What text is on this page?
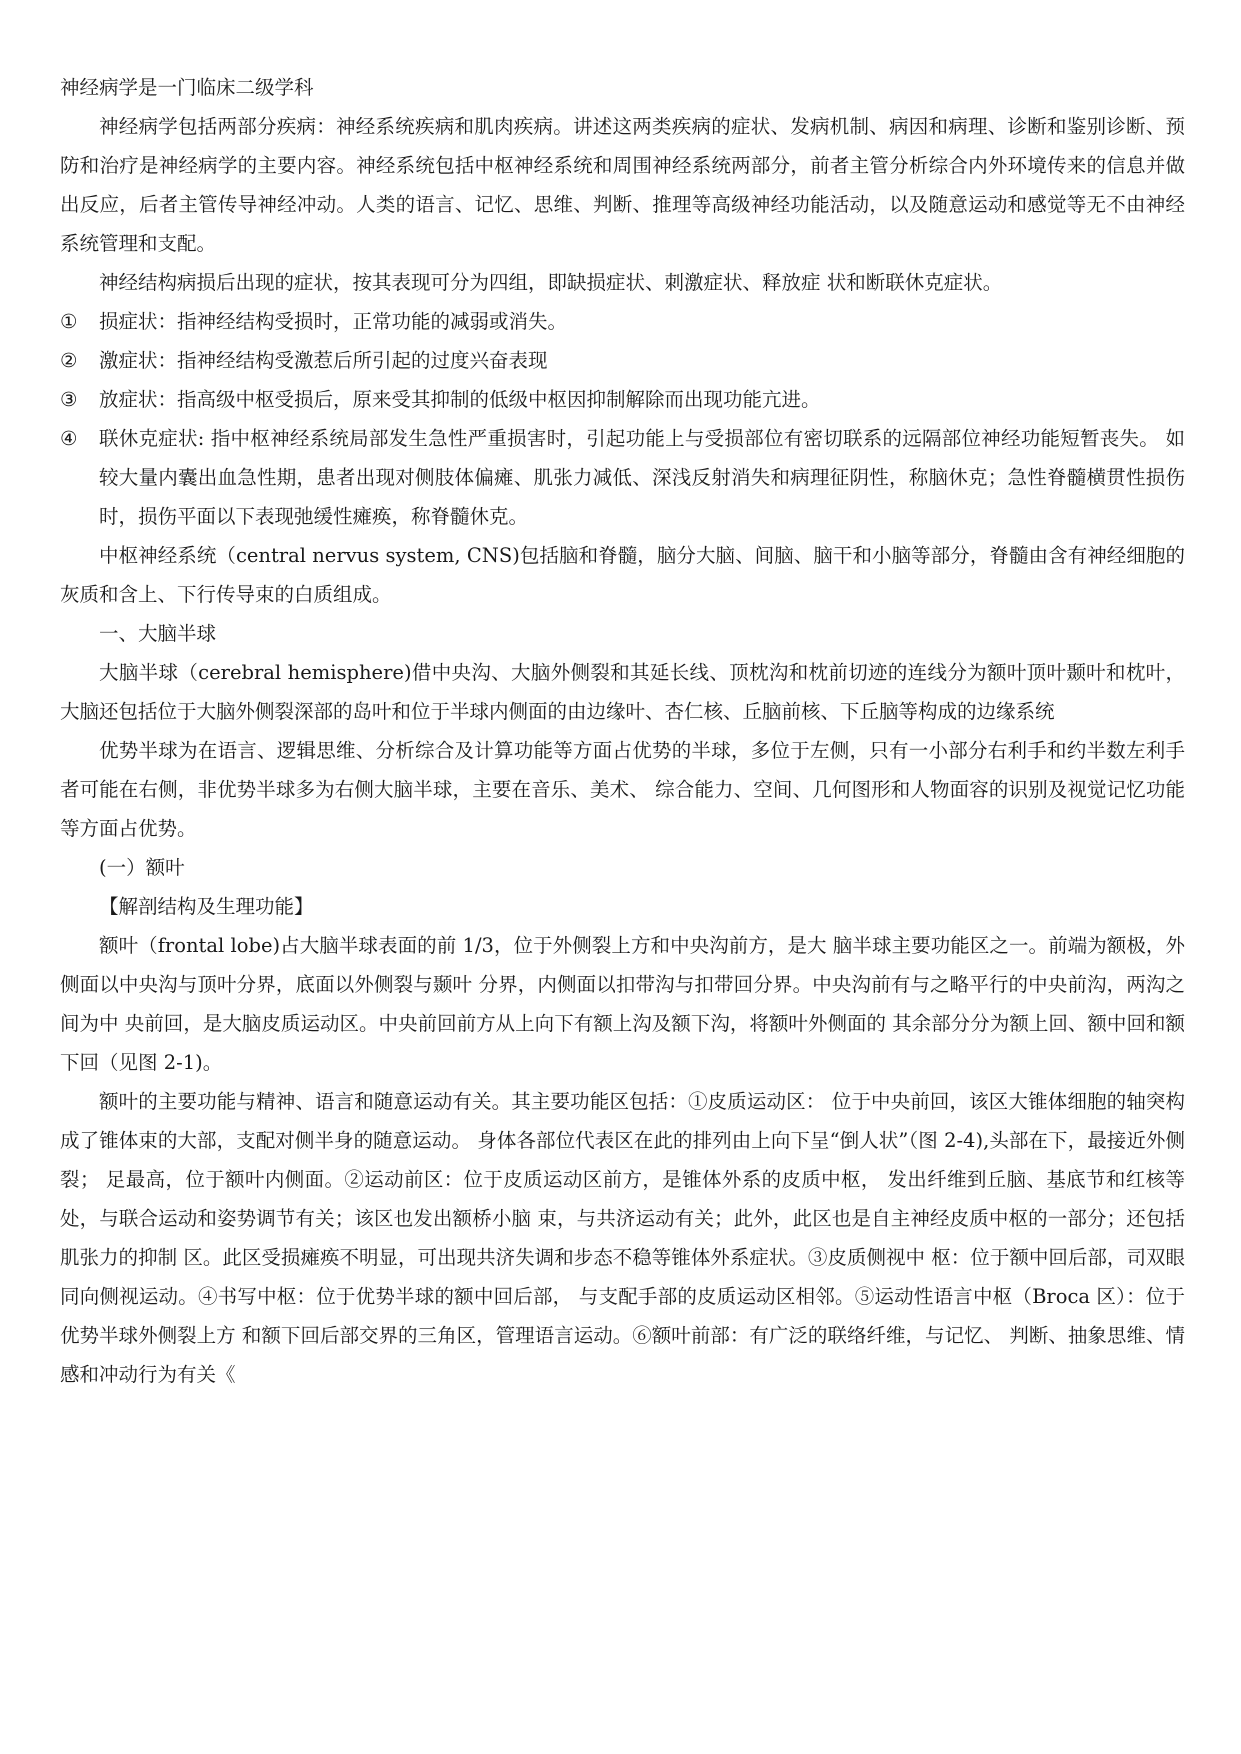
神经病学是一门临床二级学科

神经病学包括两部分疾病：神经系统疾病和肌肉疾病。讲述这两类疾病的症状、发病机制、病因和病理、诊断和鉴别诊断、预防和治疗是神经病学的主要内容。神经系统包括中枢神经系统和周围神经系统两部分，前者主管分析综合内外环境传来的信息并做出反应，后者主管传导神经冲动。人类的语言、记忆、思维、判断、推理等高级神经功能活动，以及随意运动和感觉等无不由神经系统管理和支配。

神经结构病损后出现的症状，按其表现可分为四组，即缺损症状、刺激症状、释放症 状和断联休克症状。

①	损症状：指神经结构受损时，正常功能的减弱或消失。
②	激症状：指神经结构受激惹后所引起的过度兴奋表现
③	放症状：指高级中枢受损后，原来受其抑制的低级中枢因抑制解除而出现功能亢进。
④	联休克症状: 指中枢神经系统局部发生急性严重损害时，引起功能上与受损部位有密切联系的远隔部位神经功能短暂丧失。 如较大量内囊出血急性期，患者出现对侧肢体偏瘫、肌张力减低、深浅反射消失和病理征阴性，称脑休克；急性脊髓横贯性损伤时，损伤平面以下表现弛缓性瘫痪，称脊髓休克。

中枢神经系统（central nervus system, CNS)包括脑和脊髓，脑分大脑、间脑、脑干和小脑等部分，脊髓由含有神经细胞的灰质和含上、下行传导束的白质组成。

一、大脑半球

大脑半球（cerebral hemisphere)借中央沟、大脑外侧裂和其延长线、顶枕沟和枕前切迹的连线分为额叶顶叶颞叶和枕叶，大脑还包括位于大脑外侧裂深部的岛叶和位于半球内侧面的由边缘叶、杏仁核、丘脑前核、下丘脑等构成的边缘系统

优势半球为在语言、逻辑思维、分析综合及计算功能等方面占优势的半球，多位于左侧，只有一小部分右利手和约半数左利手者可能在右侧，非优势半球多为右侧大脑半球，主要在音乐、美术、 综合能力、空间、几何图形和人物面容的识别及视觉记忆功能等方面占优势。

(一）额叶

【解剖结构及生理功能】

额叶（frontal lobe)占大脑半球表面的前 1/3，位于外侧裂上方和中央沟前方，是大 脑半球主要功能区之一。前端为额极，外侧面以中央沟与顶叶分界，底面以外侧裂与颞叶 分界，内侧面以扣带沟与扣带回分界。中央沟前有与之略平行的中央前沟，两沟之间为中 央前回，是大脑皮质运动区。中央前回前方从上向下有额上沟及额下沟，将额叶外侧面的 其余部分分为额上回、额中回和额下回（见图 2-1)。

额叶的主要功能与精神、语言和随意运动有关。其主要功能区包括：①皮质运动区： 位于中央前回，该区大锥体细胞的轴突构成了锥体束的大部，支配对侧半身的随意运动。 身体各部位代表区在此的排列由上向下呈“倒人状”（图 2-4),头部在下，最接近外侧裂； 足最高，位于额叶内侧面。②运动前区：位于皮质运动区前方，是锥体外系的皮质中枢， 发出纤维到丘脑、基底节和红核等处，与联合运动和姿势调节有关；该区也发出额桥小脑 束，与共济运动有关；此外，此区也是自主神经皮质中枢的一部分；还包括肌张力的抑制 区。此区受损瘫痪不明显，可出现共济失调和步态不稳等锥体外系症状。③皮质侧视中 枢：位于额中回后部，司双眼同向侧视运动。④书写中枢：位于优势半球的额中回后部， 与支配手部的皮质运动区相邻。⑤运动性语言中枢（Broca 区）：位于优势半球外侧裂上方 和额下回后部交界的三角区，管理语言运动。⑥额叶前部：有广泛的联络纤维，与记忆、 判断、抽象思维、情感和冲动行为有关《
